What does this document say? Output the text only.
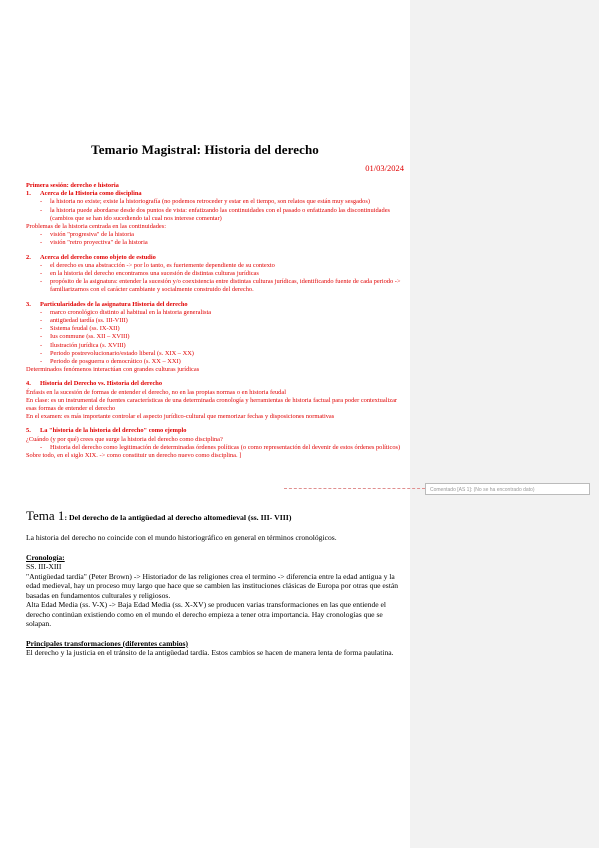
Temario Magistral: Historia del derecho
01/03/2024

Primera sesión: derecho e historia

1. Acerca de la Historia como disciplina

- la historia no existe; existe la historiografía (no podemos retroceder y estar en el tiempo, son relatos que están muy sesgados)

- la historia puede abordarse desde dos puntos de vista: enfatizando las continuidades con el pasado o enfatizando las discontinuidades (cambios que se han ido sucediendo tal cual nos interese comentar)

Problemas de la historia centrada en las continuidades:

- visión "progresiva" de la historia

- visión "retro proyectiva" de la historia

2. Acerca del derecho como objeto de estudio

- el derecho es una abstracción -> por lo tanto, es fuertemente dependiente de su contexto

- en la historia del derecho encontramos una sucesión de distintas culturas jurídicas

- propósito de la asignatura: entender la sucesión y/o coexistencia entre distintas culturas jurídicas, identificando fuente de cada periodo -> familiarizarnos con el carácter cambiante y socialmente construido del derecho.

3. Particularidades de la asignatura Historia del derecho

- marco cronológico distinto al habitual en la historia generalista

- antigüedad tardía (ss. III-VIII)

- Sistema feudal (ss. IX-XII)

- Ius commune (ss. XII – XVIII)

- Ilustración jurídica (s. XVIII)

- Periodo postrevolucionario/estado liberal (s. XIX – XX)

- Periodo de posguerra o democrático (s. XX – XXI)

Determinados fenómenos interactúan con grandes culturas jurídicas

4. Historia del Derecho vs. Historia del derecho

Énfasis en la sucesión de formas de entender el derecho, no en las propias normas o en historia feudal

En clase: es un instrumental de fuentes características de una determinada cronología y herramientas de historia factual para poder contextualizar esas formas de entender el derecho

En el examen: es más importante controlar el aspecto jurídico-cultural que memorizar fechas y disposiciones normativas

5. La "historia de la historia del derecho" como ejemplo

¿Cuándo (y por qué) crees que surge la historia del derecho como disciplina?

- Historia del derecho como legitimación de determinadas órdenes políticas (o como representación del devenir de estos órdenes políticos)

Sobre todo, en el siglo XIX. -> como constituir un derecho nuevo como disciplina. ]

Tema 1: Del derecho de la antigüedad al derecho altomedieval (ss. III- VIII)

La historia del derecho no coincide con el mundo historiográfico en general en términos cronológicos.

Cronología:

SS. III-XIII

"Antigüedad tardía" (Peter Brown) -> Historiador de las religiones crea el termino -> diferencia entre la edad antigua y la edad medieval, hay un proceso muy largo que hace que se cambien las instituciones clásicas de Europa por otras que están basadas en fundamentos culturales y religiosos.

Alta Edad Media (ss. V-X) -> Baja Edad Media (ss. X-XV) se producen varias transformaciones en las que entiende el derecho continúan existiendo como en el mundo el derecho empieza a tener otra importancia. Hay cronologías que se solapan.

Principales transformaciones (diferentes cambios)

El derecho y la justicia en el tránsito de la antigüedad tardía. Estos cambios se hacen de manera lenta de forma paulatina.

Comentado [AS 1]: (No se ha encontrado dato)
